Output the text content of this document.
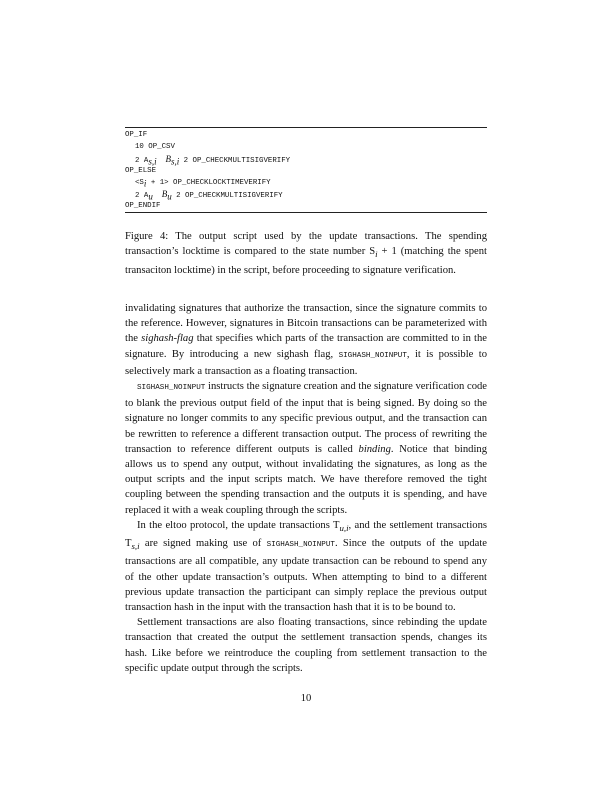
OP_IF
10 OP_CSV
2 $A_{s,i}$ $B_{s,i}$ 2 OP_CHECKMULTISIGVERIFY
OP_ELSE
$<S_i + 1>$ OP_CHECKLOCKTIMEVERIFY
2 $A_u$ $B_u$ 2 OP_CHECKMULTISIGVERIFY
OP_ENDIF

Figure 4: The output script used by the update transactions. The spending transaction’s locktime is compared to the state number $S_i + 1$ (matching the spent transaciton locktime) in the script, before proceeding to signature verification.

invalidating signatures that authorize the transaction, since the signature commits to the reference. However, signatures in Bitcoin transactions can be parameterized with the sighash-flag that specifies which parts of the transaction are committed to in the signature. By introducing a new sighash flag, SIGHASH_NOINPUT, it is possible to selectively mark a transaction as a floating transaction.

SIGHASH_NOINPUT instructs the signature creation and the signature verification code to blank the previous output field of the input that is being signed. By doing so the signature no longer commits to any specific previous output, and the transaction can be rewritten to reference a different transaction output. The process of rewriting the transaction to reference different outputs is called binding. Notice that binding allows us to spend any output, without invalidating the signatures, as long as the output scripts and the input scripts match. We have therefore removed the tight coupling between the spending transaction and the outputs it is spending, and have replaced it with a weak coupling through the scripts.

In the eltoo protocol, the update transactions $T_{u,i}$, and the settlement transactions $T_{s,i}$ are signed making use of SIGHASH_NOINPUT. Since the outputs of the update transactions are all compatible, any update transaction can be rebound to spend any of the other update transaction’s outputs. When attempting to bind to a different previous update transaction the participant can simply replace the previous output transaction hash in the input with the transaction hash that it is to be bound to.

Settlement transactions are also floating transactions, since rebinding the update transaction that created the output the settlement transaction spends, changes its hash. Like before we reintroduce the coupling from settlement transaction to the specific update output through the scripts.

10
